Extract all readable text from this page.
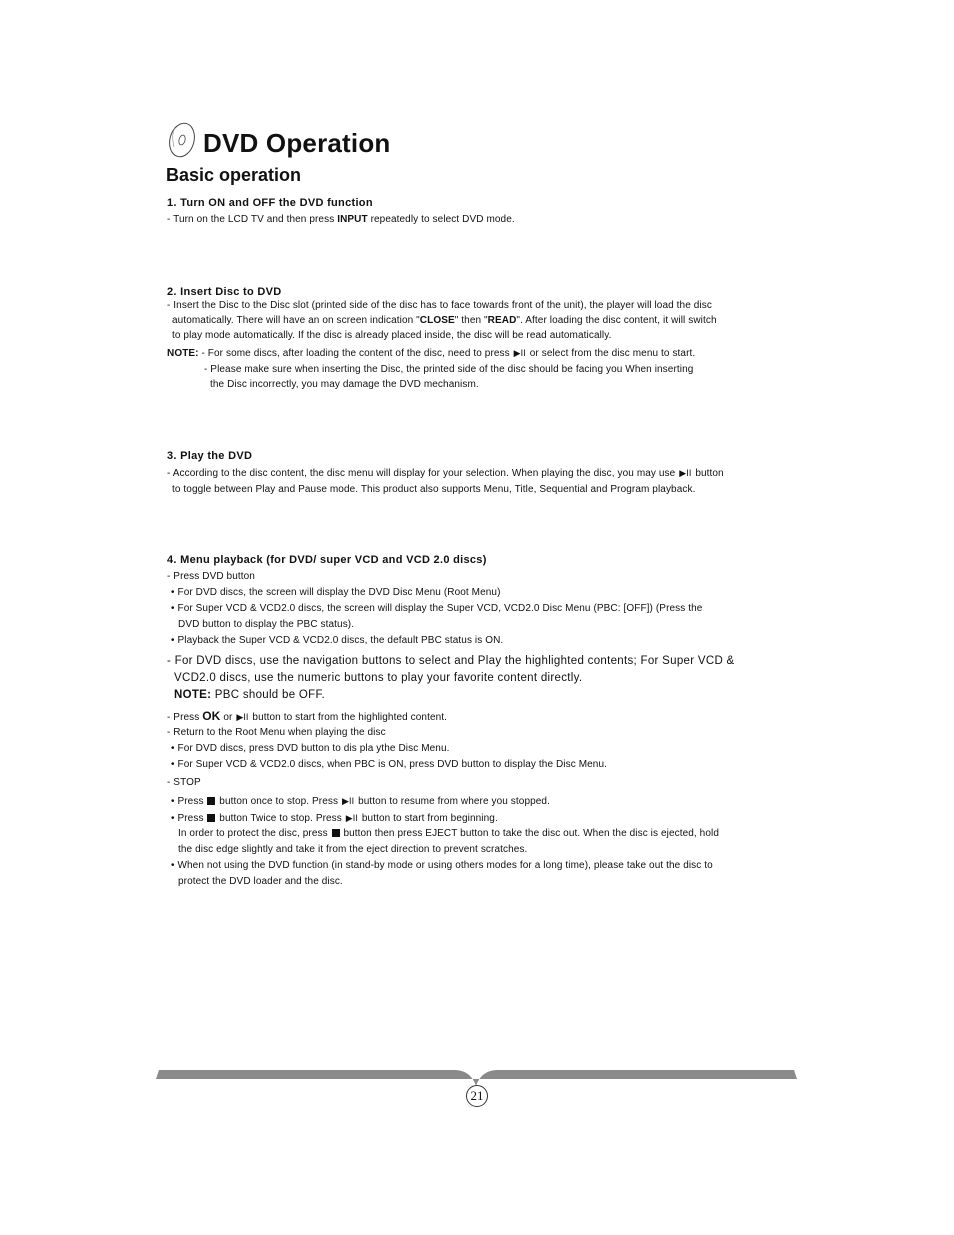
DVD Operation
Basic operation
1. Turn ON and OFF the DVD function
- Turn on the LCD TV and then press INPUT repeatedly to select DVD mode.
2. Insert Disc to DVD
- Insert the Disc to the Disc slot (printed side of the disc has to face towards front of the unit), the player will load the disc
automatically. There will have an on screen indication "CLOSE" then "READ". After loading the disc content, it will switch
to play mode automatically. If the disc is already placed inside, the disc will be read automatically.
NOTE: - For some discs, after loading the content of the disc, need to press ▶II or select from the disc menu to start.
- Please make sure when inserting the Disc, the printed side of the disc should be facing you When inserting
the Disc incorrectly, you may damage the DVD mechanism.
3. Play the DVD
- According to the disc content, the disc menu will display for your selection. When playing the disc, you may use ▶II button
to toggle between Play and Pause mode. This product also supports Menu, Title, Sequential and Program playback.
4. Menu playback (for DVD/ super VCD and VCD 2.0 discs)
- Press DVD button
• For DVD discs, the screen will display the DVD Disc Menu (Root Menu)
• For Super VCD & VCD2.0 discs, the screen will display the Super VCD, VCD2.0 Disc Menu (PBC: [OFF]) (Press the
DVD button to display the PBC status).
• Playback the Super VCD & VCD2.0 discs, the default PBC status is ON.
- For DVD discs, use the navigation buttons to select and Play the highlighted contents; For Super VCD &
VCD2.0 discs, use the numeric buttons to play your favorite content directly.
NOTE: PBC should be OFF.
- Press OK or ▶II button to start from the highlighted content.
- Return to the Root Menu when playing the disc
• For DVD discs, press DVD button to dis pla ythe Disc Menu.
• For Super VCD & VCD2.0 discs, when PBC is ON, press DVD button to display the Disc Menu.
- STOP
• Press  button once to stop. Press ▶II button to resume from where you stopped.
• Press  button Twice to stop. Press ▶II button to start from beginning.
In order to protect the disc, press  button then press EJECT button to take the disc out. When the disc is ejected, hold
the disc edge slightly and take it from the eject direction to prevent scratches.
• When not using the DVD function (in stand-by mode or using others modes for a long time), please take out the disc to
protect the DVD loader and the disc.
21
